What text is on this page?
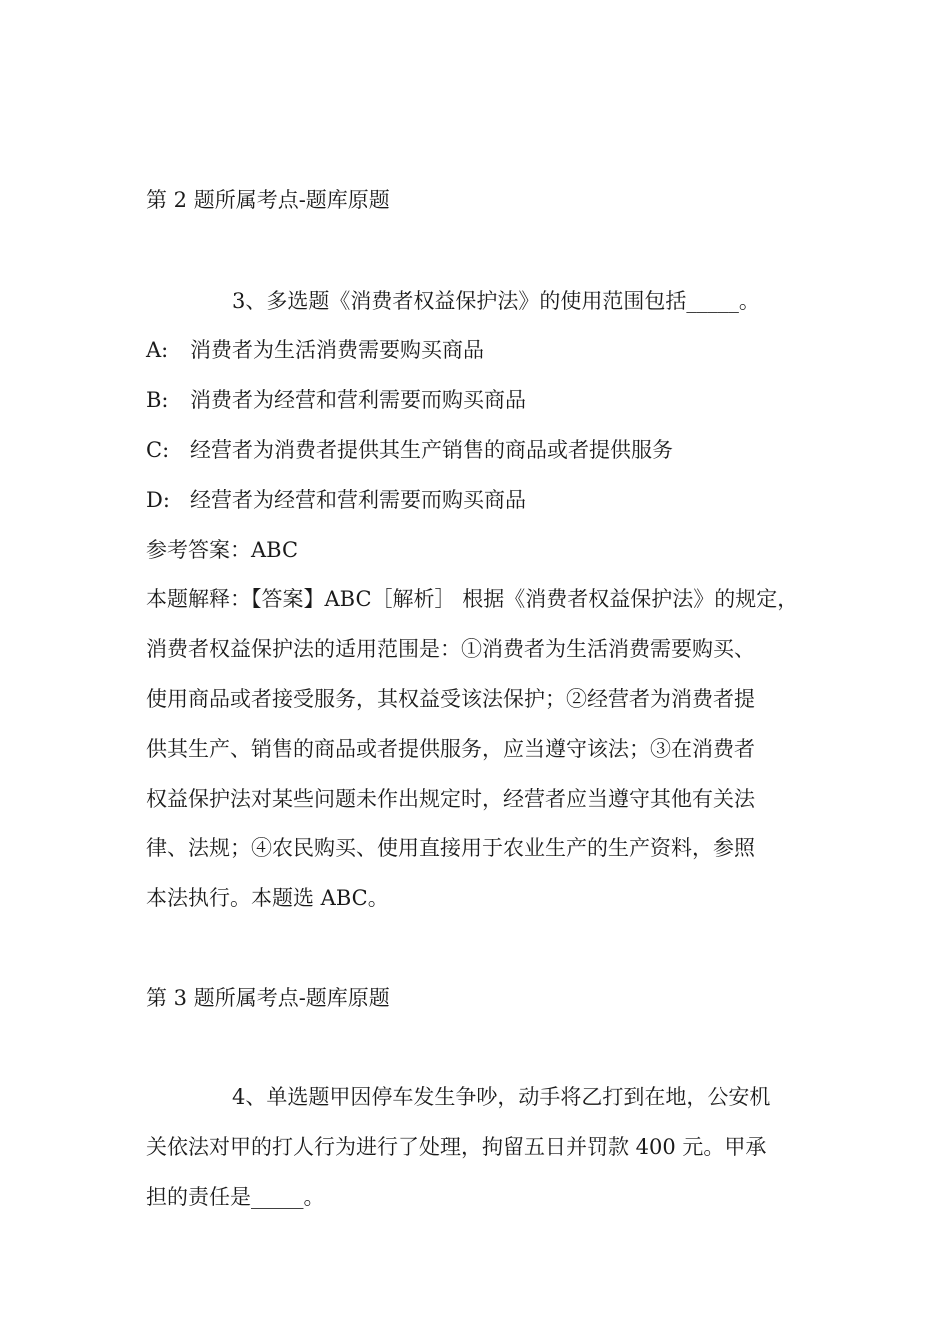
第 2 题所属考点-题库原题
3、多选题《消费者权益保护法》的使用范围包括_____。
A: 消费者为生活消费需要购买商品
B: 消费者为经营和营利需要而购买商品
C: 经营者为消费者提供其生产销售的商品或者提供服务
D: 经营者为经营和营利需要而购买商品
参考答案：ABC
本题解释：【答案】ABC［解析］ 根据《消费者权益保护法》的规定，
消费者权益保护法的适用范围是：①消费者为生活消费需要购买、
使用商品或者接受服务，其权益受该法保护；②经营者为消费者提
供其生产、销售的商品或者提供服务，应当遵守该法；③在消费者
权益保护法对某些问题未作出规定时，经营者应当遵守其他有关法
律、法规；④农民购买、使用直接用于农业生产的生产资料，参照
本法执行。本题选 ABC。
第 3 题所属考点-题库原题
4、单选题甲因停车发生争吵，动手将乙打到在地，公安机
关依法对甲的打人行为进行了处理，拘留五日并罚款 400 元。甲承
担的责任是_____。
